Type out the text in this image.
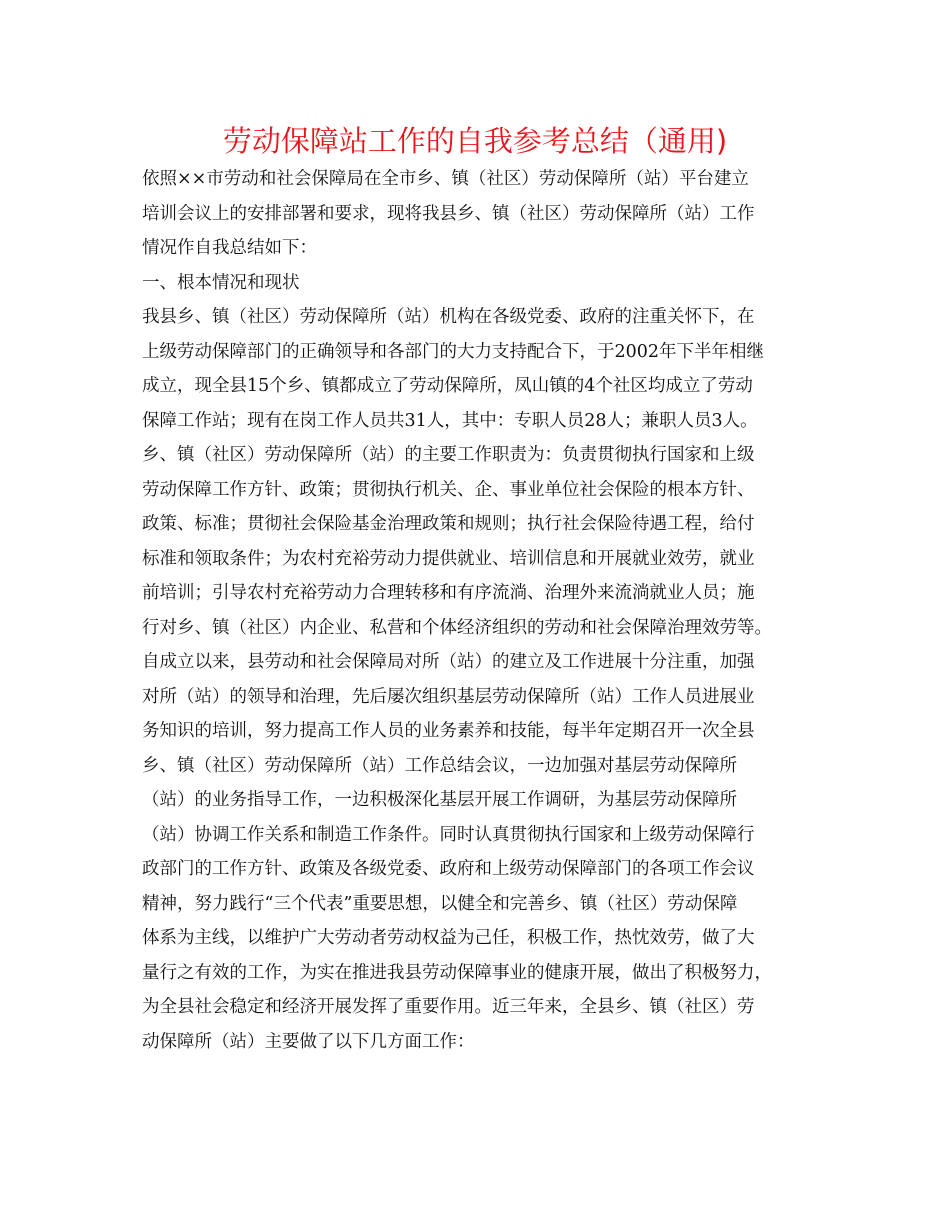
劳动保障站工作的自我参考总结（通用)
依照××市劳动和社会保障局在全市乡、镇（社区）劳动保障所（站）平台建立
培训会议上的安排部署和要求，现将我县乡、镇（社区）劳动保障所（站）工作
情况作自我总结如下：
一、根本情况和现状
我县乡、镇（社区）劳动保障所（站）机构在各级党委、政府的注重关怀下，在
上级劳动保障部门的正确领导和各部门的大力支持配合下，于2002年下半年相继
成立，现全县15个乡、镇都成立了劳动保障所，凤山镇的4个社区均成立了劳动
保障工作站；现有在岗工作人员共31人，其中：专职人员28人；兼职人员3人。
乡、镇（社区）劳动保障所（站）的主要工作职责为：负责贯彻执行国家和上级
劳动保障工作方针、政策；贯彻执行机关、企、事业单位社会保险的根本方针、
政策、标准；贯彻社会保险基金治理政策和规则；执行社会保险待遇工程，给付
标准和领取条件；为农村充裕劳动力提供就业、培训信息和开展就业效劳，就业
前培训；引导农村充裕劳动力合理转移和有序流淌、治理外来流淌就业人员；施
行对乡、镇（社区）内企业、私营和个体经济组织的劳动和社会保障治理效劳等。
自成立以来，县劳动和社会保障局对所（站）的建立及工作进展十分注重，加强
对所（站）的领导和治理，先后屡次组织基层劳动保障所（站）工作人员进展业
务知识的培训，努力提高工作人员的业务素养和技能，每半年定期召开一次全县
乡、镇（社区）劳动保障所（站）工作总结会议，一边加强对基层劳动保障所
（站）的业务指导工作，一边积极深化基层开展工作调研，为基层劳动保障所
（站）协调工作关系和制造工作条件。同时认真贯彻执行国家和上级劳动保障行
政部门的工作方针、政策及各级党委、政府和上级劳动保障部门的各项工作会议
精神，努力践行“三个代表”重要思想，以健全和完善乡、镇（社区）劳动保障
体系为主线，以维护广大劳动者劳动权益为己任，积极工作，热忱效劳，做了大
量行之有效的工作，为实在推进我县劳动保障事业的健康开展，做出了积极努力，
为全县社会稳定和经济开展发挥了重要作用。近三年来，全县乡、镇（社区）劳
动保障所（站）主要做了以下几方面工作：
